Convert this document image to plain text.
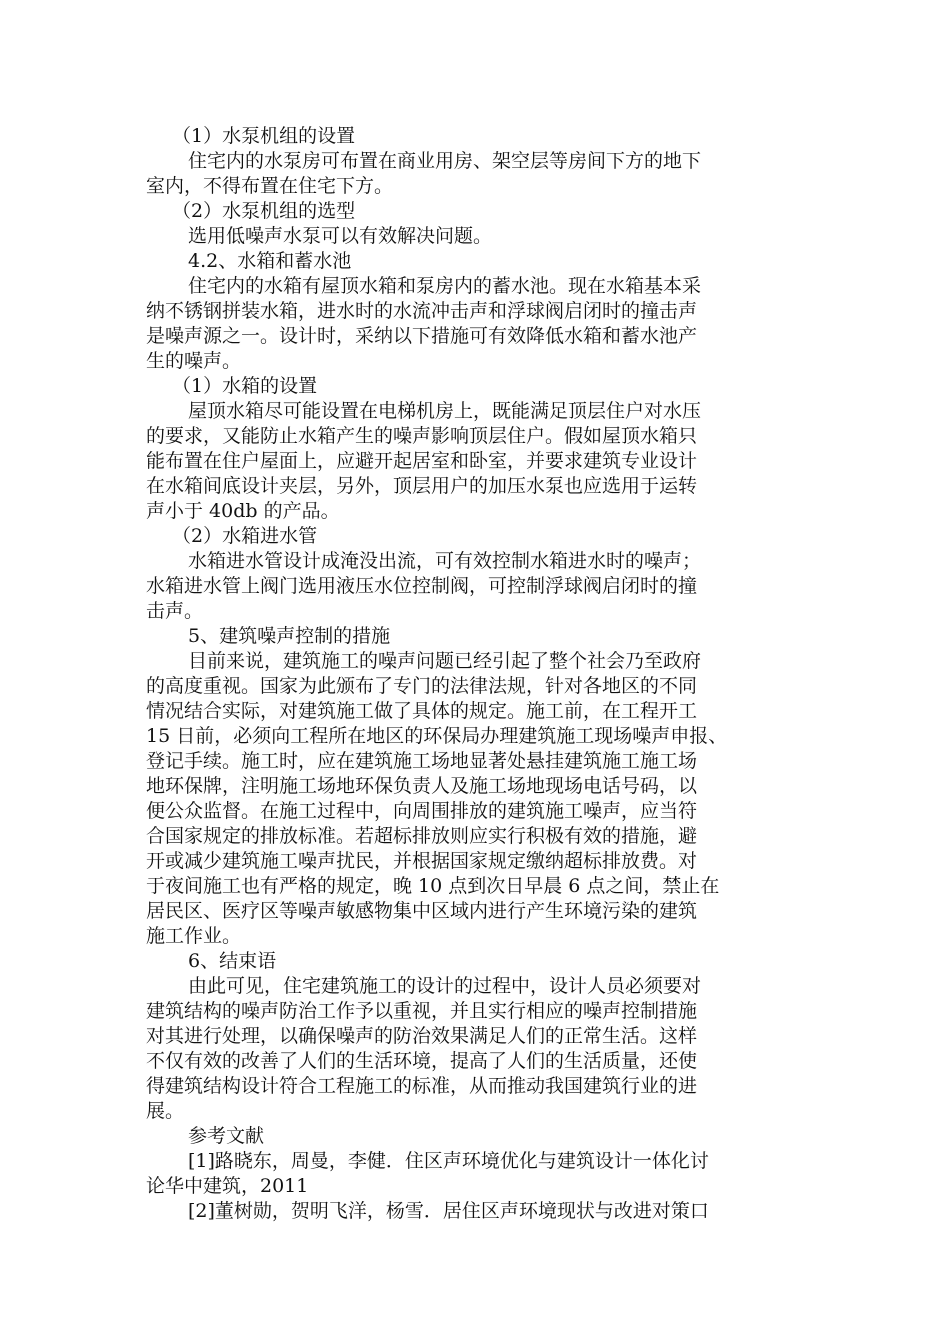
（1）水泵机组的设置

住宅内的水泵房可布置在商业用房、架空层等房间下方的地下
室内，不得布置在住宅下方。

（2）水泵机组的选型

选用低噪声水泵可以有效解决问题。

4.2、水箱和蓄水池

住宅内的水箱有屋顶水箱和泵房内的蓄水池。现在水箱基本采
纳不锈钢拼装水箱，进水时的水流冲击声和浮球阀启闭时的撞击声
是噪声源之一。设计时，采纳以下措施可有效降低水箱和蓄水池产
生的噪声。

（1）水箱的设置

屋顶水箱尽可能设置在电梯机房上，既能满足顶层住户对水压
的要求，又能防止水箱产生的噪声影响顶层住户。假如屋顶水箱只
能布置在住户屋面上，应避开起居室和卧室，并要求建筑专业设计
在水箱间底设计夹层，另外，顶层用户的加压水泵也应选用于运转
声小于 40db 的产品。

（2）水箱进水管

水箱进水管设计成淹没出流，可有效控制水箱进水时的噪声；
水箱进水管上阀门选用液压水位控制阀，可控制浮球阀启闭时的撞
击声。

5、建筑噪声控制的措施

目前来说，建筑施工的噪声问题已经引起了整个社会乃至政府
的高度重视。国家为此颁布了专门的法律法规，针对各地区的不同
情况结合实际，对建筑施工做了具体的规定。施工前，在工程开工
15 日前，必须向工程所在地区的环保局办理建筑施工现场噪声申报、
登记手续。施工时，应在建筑施工场地显著处悬挂建筑施工施工场
地环保牌，注明施工场地环保负责人及施工场地现场电话号码，以
便公众监督。在施工过程中，向周围排放的建筑施工噪声，应当符
合国家规定的排放标准。若超标排放则应实行积极有效的措施，避
开或减少建筑施工噪声扰民，并根据国家规定缴纳超标排放费。对
于夜间施工也有严格的规定，晚 10 点到次日早晨 6 点之间，禁止在
居民区、医疗区等噪声敏感物集中区域内进行产生环境污染的建筑
施工作业。

6、结束语

由此可见，住宅建筑施工的设计的过程中，设计人员必须要对
建筑结构的噪声防治工作予以重视，并且实行相应的噪声控制措施
对其进行处理，以确保噪声的防治效果满足人们的正常生活。这样
不仅有效的改善了人们的生活环境，提高了人们的生活质量，还使
得建筑结构设计符合工程施工的标准，从而推动我国建筑行业的进
展。

参考文献

[1]路晓东，周曼，李健．住区声环境优化与建筑设计一体化讨
论华中建筑，2011

[2]董树勋，贺明飞洋，杨雪．居住区声环境现状与改进对策口
